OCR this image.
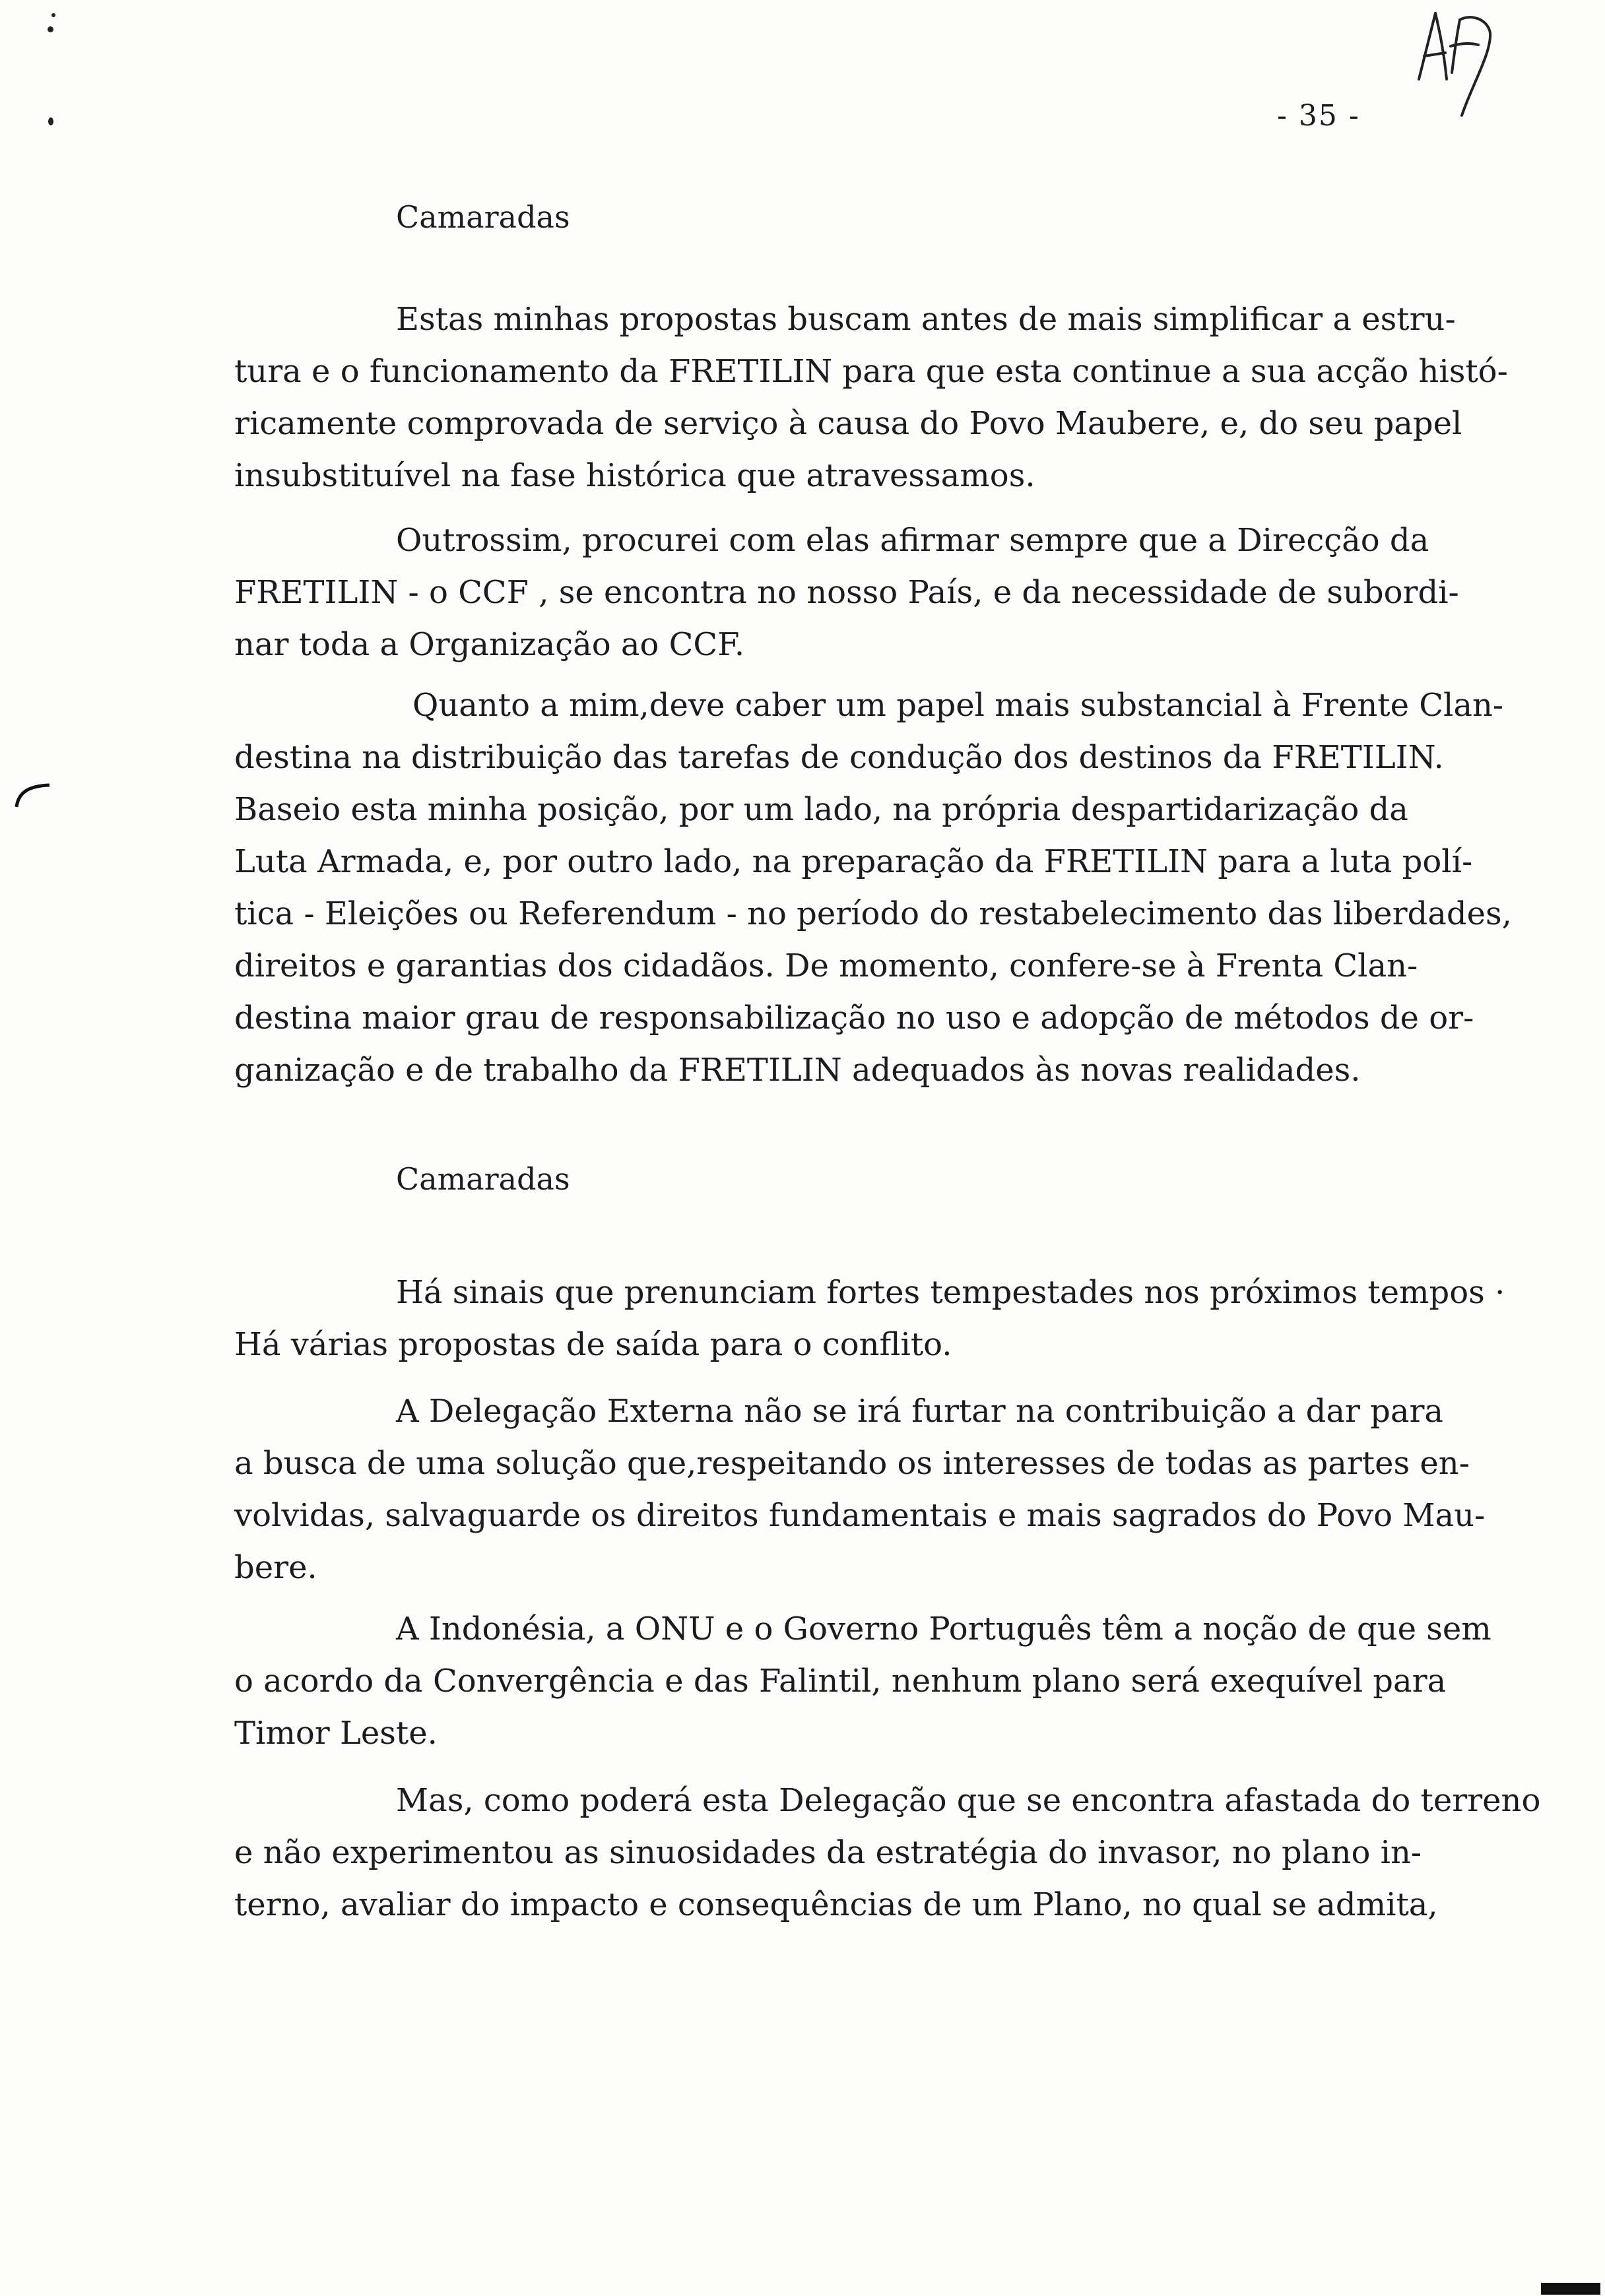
- 35 -
Camaradas
Estas minhas propostas buscam antes de mais simplificar a estru-
tura e o funcionamento da FRETILIN para que esta continue a sua acção histó-
ricamente comprovada de serviço à causa do Povo Maubere, e, do seu papel
insubstituível na fase histórica que atravessamos.
Outrossim, procurei com elas afirmar sempre que a Direcção da
FRETILIN - o CCF , se encontra no nosso País, e da necessidade de subordi-
nar toda a Organização ao CCF.
Quanto a mim,deve caber um papel mais substancial à Frente Clan-
destina na distribuição das tarefas de condução dos destinos da FRETILIN.
Baseio esta minha posição, por um lado, na própria despartidarização da
Luta Armada, e, por outro lado, na preparação da FRETILIN para a luta polí-
tica - Eleições ou Referendum - no período do restabelecimento das liberdades,
direitos e garantias dos cidadãos. De momento, confere-se à Frenta Clan-
destina maior grau de responsabilização no uso e adopção de métodos de or-
ganização e de trabalho da FRETILIN adequados às novas realidades.
Camaradas
Há sinais que prenunciam fortes tempestades nos próximos tempos ·
Há várias propostas de saída para o conflito.
A Delegação Externa não se irá furtar na contribuição a dar para
a busca de uma solução que,respeitando os interesses de todas as partes en-
volvidas, salvaguarde os direitos fundamentais e mais sagrados do Povo Mau-
bere.
A Indonésia, a ONU e o Governo Português têm a noção de que sem
o acordo da Convergência e das Falintil, nenhum plano será exequível para
Timor Leste.
Mas, como poderá esta Delegação que se encontra afastada do terreno
e não experimentou as sinuosidades da estratégia do invasor, no plano in-
terno, avaliar do impacto e consequências de um Plano, no qual se admita,
